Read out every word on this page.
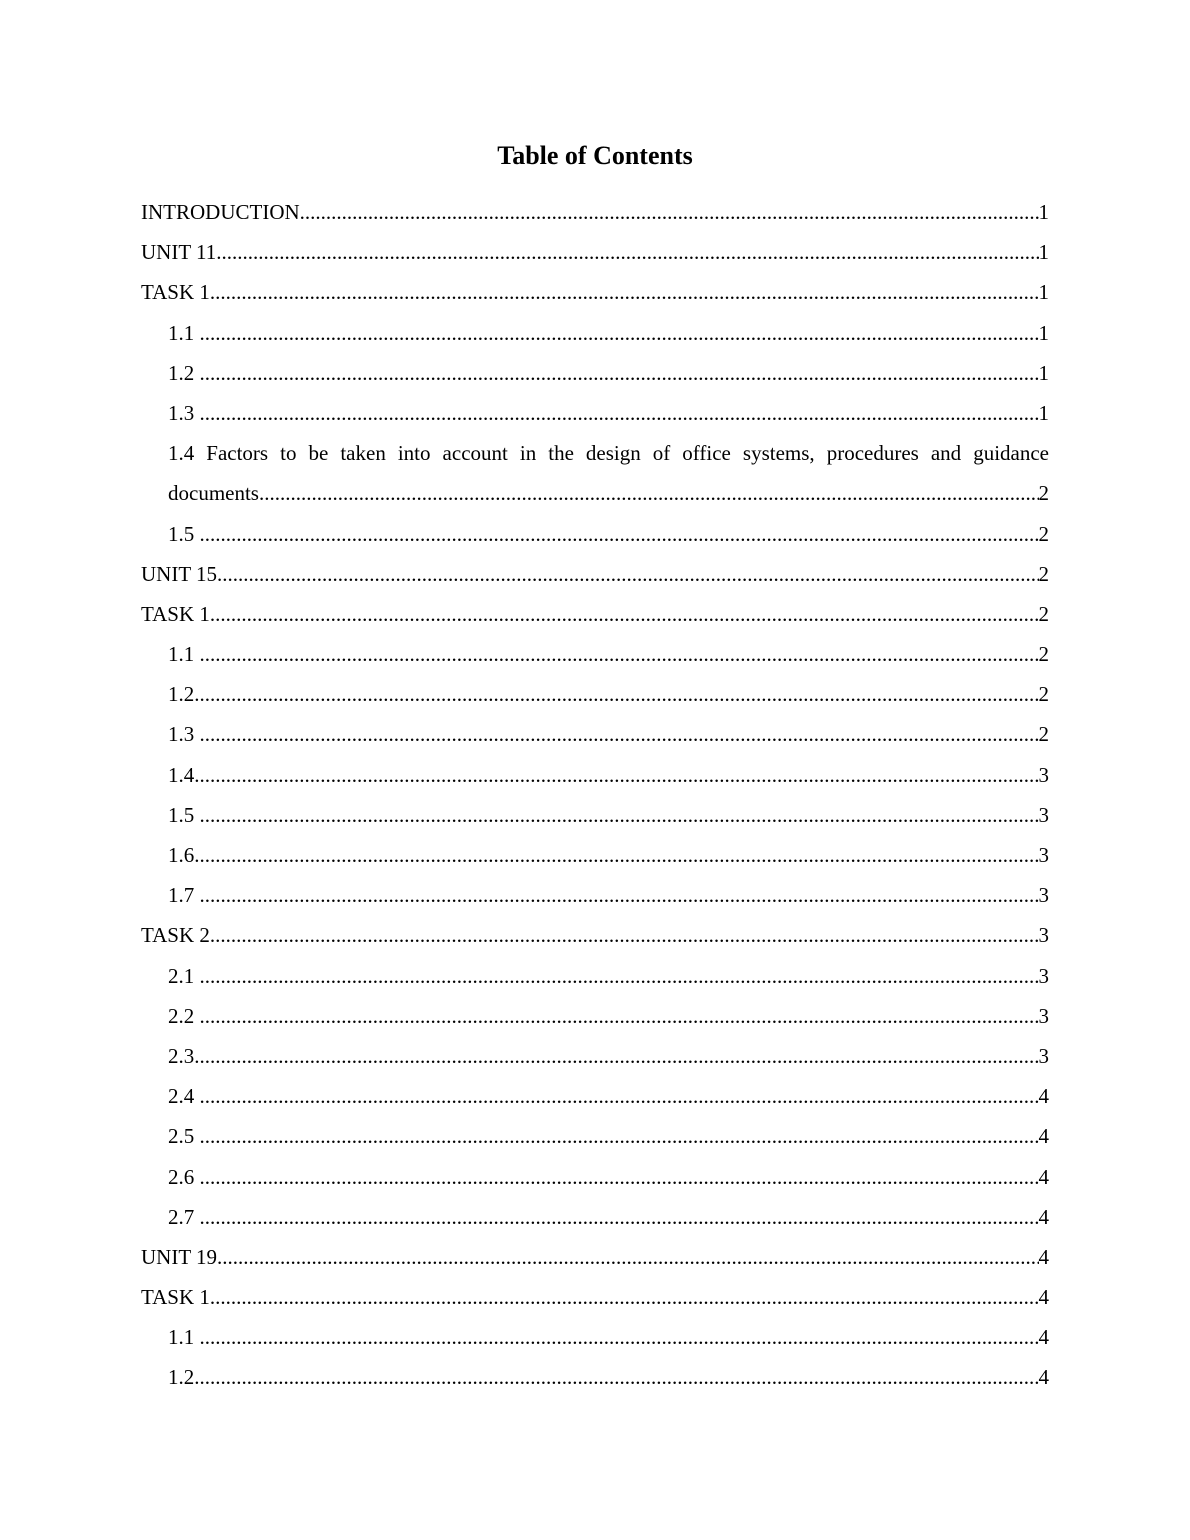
Table of Contents
INTRODUCTION .....	1
UNIT 11 .....	1
TASK 1 .....	1
1.1 .....	1
1.2 .....	1
1.3 .....	1
1.4 Factors to be taken into account in the design of office systems, procedures and guidance
documents .....	2
1.5 .....	2
UNIT 15 .....	2
TASK 1 .....	2
1.1 .....	2
1.2 .....	2
1.3 .....	2
1.4 .....	3
1.5 .....	3
1.6 .....	3
1.7 .....	3
TASK 2 .....	3
2.1 .....	3
2.2 .....	3
2.3 .....	3
2.4 .....	4
2.5 .....	4
2.6 .....	4
2.7 .....	4
UNIT 19 .....	4
TASK 1 .....	4
1.1 .....	4
1.2 .....	4
